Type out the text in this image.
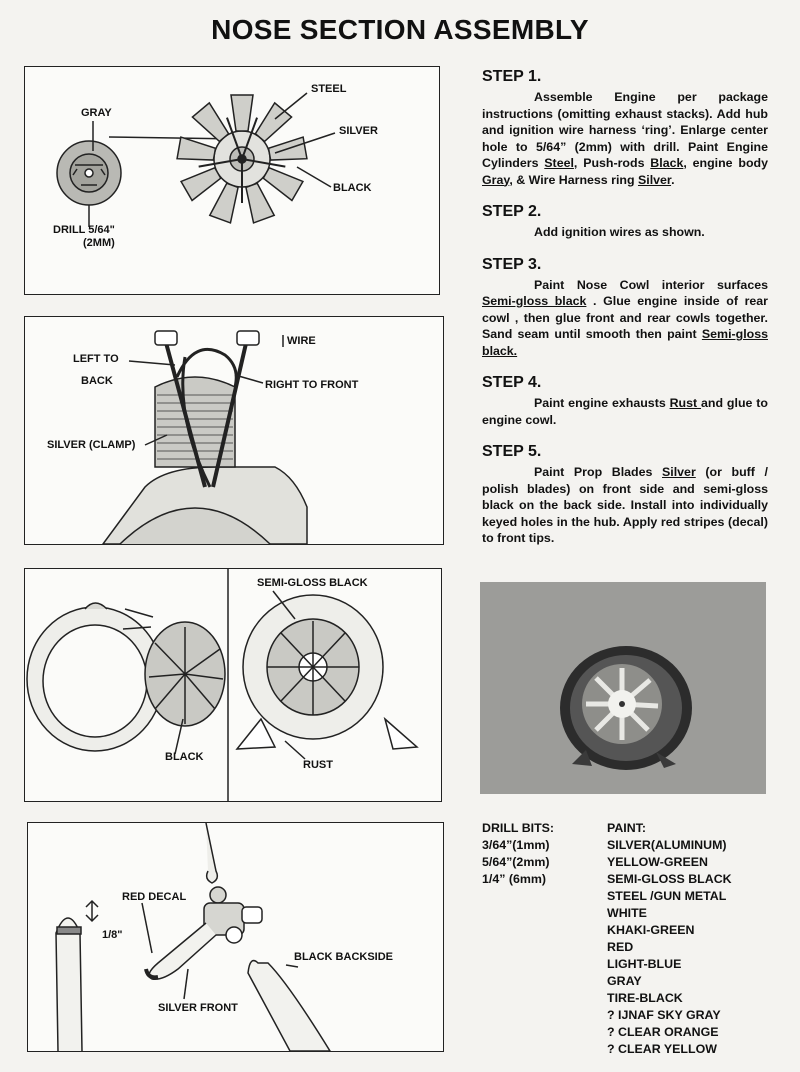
NOSE SECTION ASSEMBLY
GRAY
STEEL
SILVER
BLACK
DRILL 5/64"
(2MM)
WIRE
LEFT TO
BACK	RIGHT TO FRONT
SILVER (CLAMP)
SEMI-GLOSS BLACK
BLACK
RUST
RED DECAL
1/8"
BLACK BACKSIDE
SILVER FRONT
STEP 1.

Assemble Engine per package instructions (omitting exhaust stacks). Add hub and ignition wire harness ‘ring’. Enlarge center hole to 5/64” (2mm) with drill. Paint Engine Cylinders Steel, Push-rods Black, engine body Gray, & Wire Harness ring Silver.

STEP 2.

Add ignition wires as shown.

STEP 3.

Paint Nose Cowl interior surfaces Semi-gloss black . Glue engine inside of rear cowl , then glue front and rear cowls together. Sand seam until smooth then paint Semi-gloss black.

STEP 4.

Paint engine exhausts Rust and glue to engine cowl.

STEP 5.

Paint Prop Blades Silver (or buff / polish blades) on front side and semi-gloss black on the back side. Install into individually keyed holes in the hub. Apply red stripes (decal) to front tips.

DRILL BITS:
3/64”(1mm)
5/64”(2mm)
1/4” (6mm)
PAINT:
SILVER(ALUMINUM)
YELLOW-GREEN
SEMI-GLOSS BLACK
STEEL /GUN METAL
WHITE
KHAKI-GREEN
RED
LIGHT-BLUE
GRAY
TIRE-BLACK
? IJNAF SKY GRAY
? CLEAR ORANGE
? CLEAR YELLOW
